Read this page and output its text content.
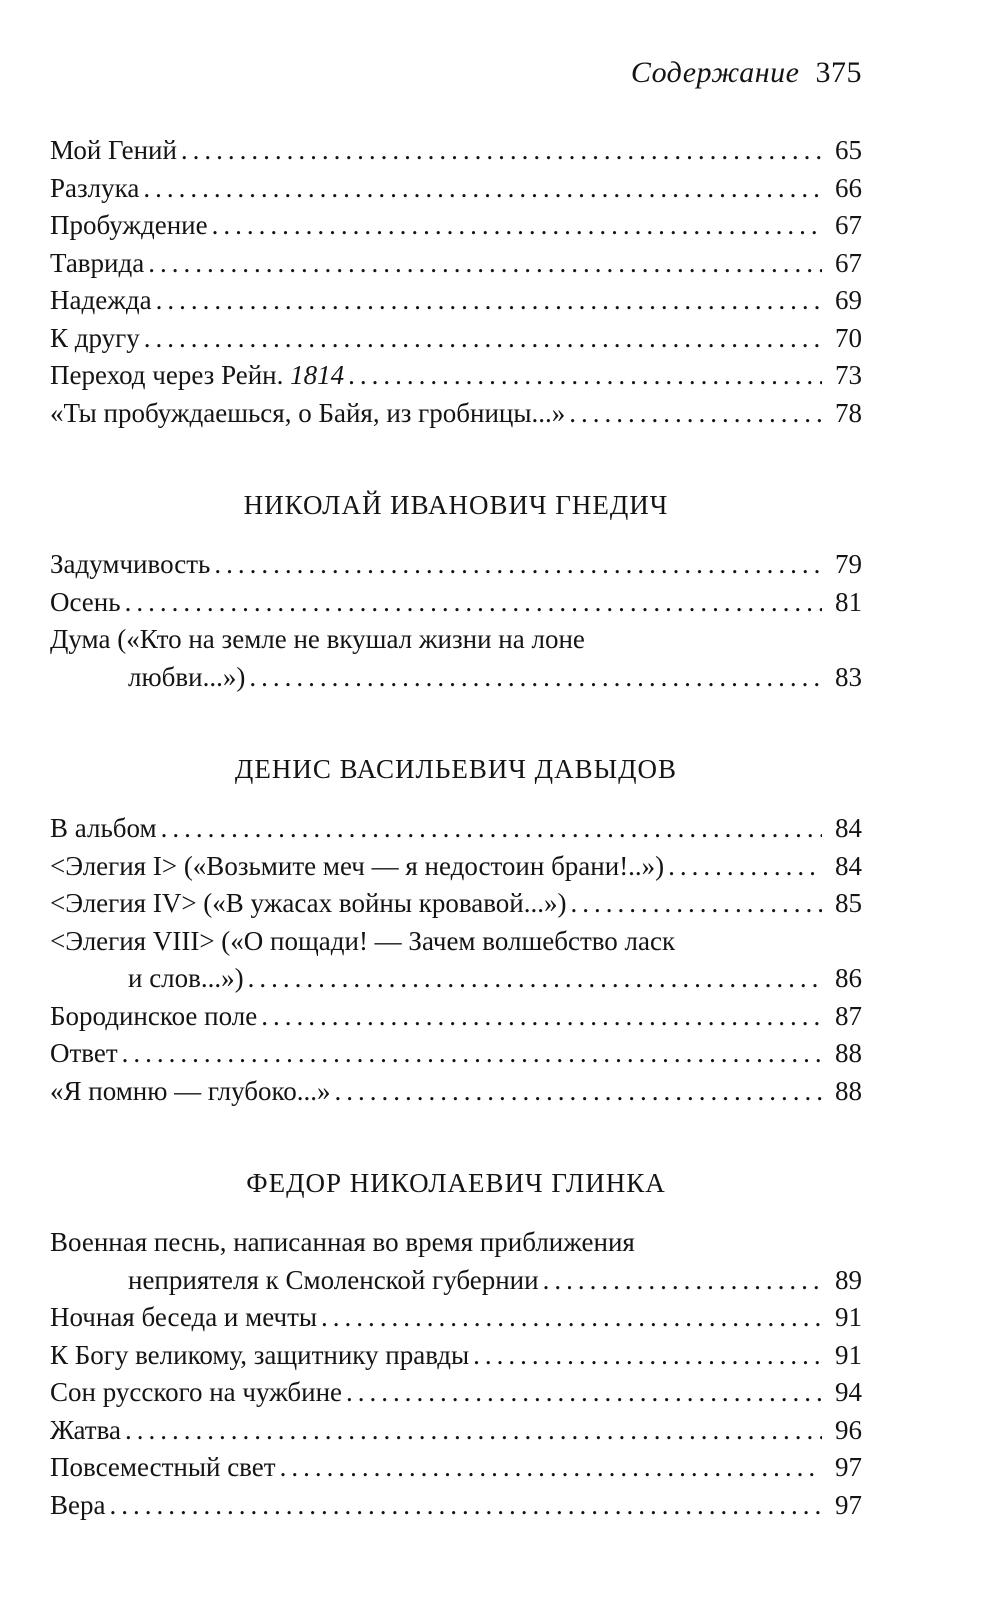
Содержание 375
Мой Гений .....	65
Разлука .....	66
Пробуждение .....	67
Таврида .....	67
Надежда .....	69
К другу .....	70
Переход через Рейн. 1814 .....	73
«Ты пробуждаешься, о Байя, из гробницы...» .....	78
НИКОЛАЙ ИВАНОВИЧ ГНЕДИЧ
Задумчивость .....	79
Осень .....	81
Дума («Кто на земле не вкушал жизни на лоне
любви...») .....	83
ДЕНИС ВАСИЛЬЕВИЧ ДАВЫДОВ
В альбом .....	84
<Элегия I> («Возьмите меч — я недостоин брани!..») .....	84
<Элегия IV> («В ужасах войны кровавой...») .....	85
<Элегия VIII> («О пощади! — Зачем волшебство ласк
и слов...») .....	86
Бородинское поле .....	87
Ответ .....	88
«Я помню — глубоко...» .....	88
ФЕДОР НИКОЛАЕВИЧ ГЛИНКА
Военная песнь, написанная во время приближения
неприятеля к Смоленской губернии .....	89
Ночная беседа и мечты .....	91
К Богу великому, защитнику правды .....	91
Сон русского на чужбине .....	94
Жатва .....	96
Повсеместный свет .....	97
Вера .....	97
